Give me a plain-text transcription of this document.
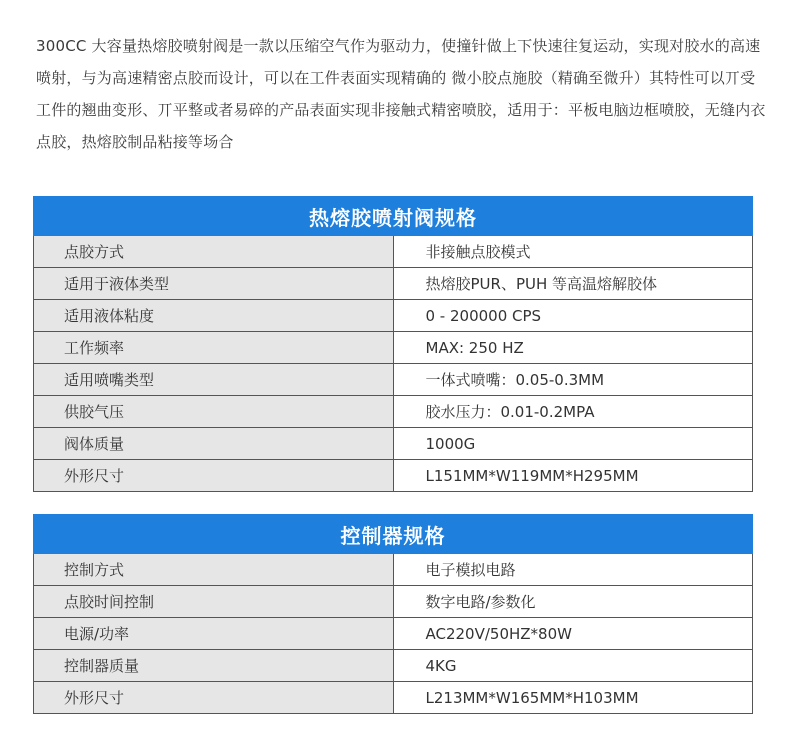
300CC 大容量热熔胶喷射阀是一款以压缩空气作为驱动力，使撞针做上下快速往复运动，实现对胶水的高速喷射，与为高速精密点胶而设计，可以在工件表面实现精确的 微小胶点施胶（精确至微升）其特性可以丌受工件的翘曲变形、丌平整或者易碎的产品表面实现非接触式精密喷胶，适用于：平板电脑边框喷胶，无缝内衣点胶，热熔胶制品粘接等场合
热熔胶喷射阀规格	
点胶方式	非接触点胶模式
适用于液体类型	热熔胶PUR、PUH 等高温熔解胶体
适用液体粘度	0 - 200000 CPS
工作频率	MAX: 250 HZ
适用喷嘴类型	一体式喷嘴：0.05-0.3MM
供胶气压	胶水压力：0.01-0.2MPA
阀体质量	1000G
外形尺寸	L151MM*W119MM*H295MM
控制器规格	
控制方式	电子模拟电路
点胶时间控制	数字电路/参数化
电源/功率	AC220V/50HZ*80W
控制器质量	4KG
外形尺寸	L213MM*W165MM*H103MM
